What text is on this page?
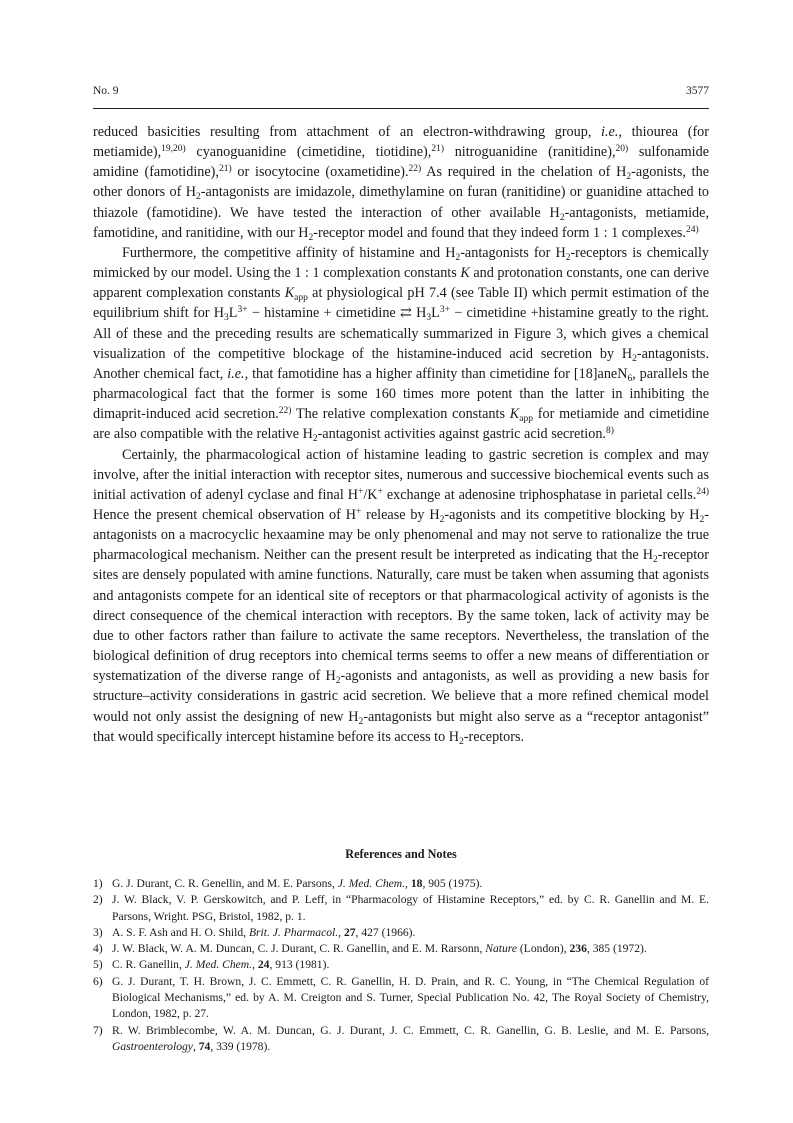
No. 9	3577

reduced basicities resulting from attachment of an electron-withdrawing group, i.e., thiourea (for metiamide),$^{19,20)}$ cyanoguanidine (cimetidine, tiotidine),$^{21)}$ nitroguanidine (ranitidine),$^{20)}$ sulfonamide amidine (famotidine),$^{21)}$ or isocytocine (oxametidine).$^{22)}$ As required in the chelation of $H_2$-agonists, the other donors of $H_2$-antagonists are imidazole, dimethylamine on furan (ranitidine) or guanidine attached to thiazole (famotidine). We have tested the interaction of other available $H_2$-antagonists, metiamide, famotidine, and ranitidine, with our $H_2$-receptor model and found that they indeed form 1 : 1 complexes.$^{24)}$

Furthermore, the competitive affinity of histamine and $H_2$-antagonists for $H_2$-receptors is chemically mimicked by our model. Using the 1 : 1 complexation constants K and protonation constants, one can derive apparent complexation constants $K_{app}$ at physiological pH 7.4 (see Table II) which permit estimation of the equilibrium shift for $H_3L^{3+}$ − histamine + cimetidine ⇄ $H_3L^{3+}$ − cimetidine +histamine greatly to the right. All of these and the preceding results are schematically summarized in Figure 3, which gives a chemical visualization of the competitive blockage of the histamine-induced acid secretion by $H_2$-antagonists. Another chemical fact, i.e., that famotidine has a higher affinity than cimetidine for [18]aneN$_6$, parallels the pharmacological fact that the former is some 160 times more potent than the latter in inhibiting the dimaprit-induced acid secretion.$^{22)}$ The relative complexation constants $K_{app}$ for metiamide and cimetidine are also compatible with the relative $H_2$-antagonist activities against gastric acid secretion.$^{8)}$

Certainly, the pharmacological action of histamine leading to gastric secretion is complex and may involve, after the initial interaction with receptor sites, numerous and successive biochemical events such as initial activation of adenyl cyclase and final H+/K+ exchange at adenosine triphosphatase in parietal cells.$^{24)}$ Hence the present chemical observation of H+ release by $H_2$-agonists and its competitive blocking by $H_2$-antagonists on a macrocyclic hexaamine may be only phenomenal and may not serve to rationalize the true pharmacological mechanism. Neither can the present result be interpreted as indicating that the $H_2$-receptor sites are densely populated with amine functions. Naturally, care must be taken when assuming that agonists and antagonists compete for an identical site of receptors or that pharmacological activity of agonists is the direct consequence of the chemical interaction with receptors. By the same token, lack of activity may be due to other factors rather than failure to activate the same receptors. Nevertheless, the translation of the biological definition of drug receptors into chemical terms seems to offer a new means of differentiation or systematization of the diverse range of $H_2$-agonists and antagonists, as well as providing a new basis for structure–activity considerations in gastric acid secretion. We believe that a more refined chemical model would not only assist the designing of new $H_2$-antagonists but might also serve as a “receptor antagonist” that would specifically intercept histamine before its access to $H_2$-receptors.

References and Notes
1) G. J. Durant, C. R. Genellin, and M. E. Parsons, J. Med. Chem., 18, 905 (1975).
2) J. W. Black, V. P. Gerskowitch, and P. Leff, in “Pharmacology of Histamine Receptors,” ed. by C. R. Ganellin and M. E. Parsons, Wright. PSG, Bristol, 1982, p. 1.
3) A. S. F. Ash and H. O. Shild, Brit. J. Pharmacol., 27, 427 (1966).
4) J. W. Black, W. A. M. Duncan, C. J. Durant, C. R. Ganellin, and E. M. Rarsonn, Nature (London), 236, 385 (1972).
5) C. R. Ganellin, J. Med. Chem., 24, 913 (1981).
6) G. J. Durant, T. H. Brown, J. C. Emmett, C. R. Ganellin, H. D. Prain, and R. C. Young, in “The Chemical Regulation of Biological Mechanisms,” ed. by A. M. Creigton and S. Turner, Special Publication No. 42, The Royal Society of Chemistry, London, 1982, p. 27.
7) R. W. Brimblecombe, W. A. M. Duncan, G. J. Durant, J. C. Emmett, C. R. Ganellin, G. B. Leslie, and M. E. Parsons, Gastroenterology, 74, 339 (1978).
